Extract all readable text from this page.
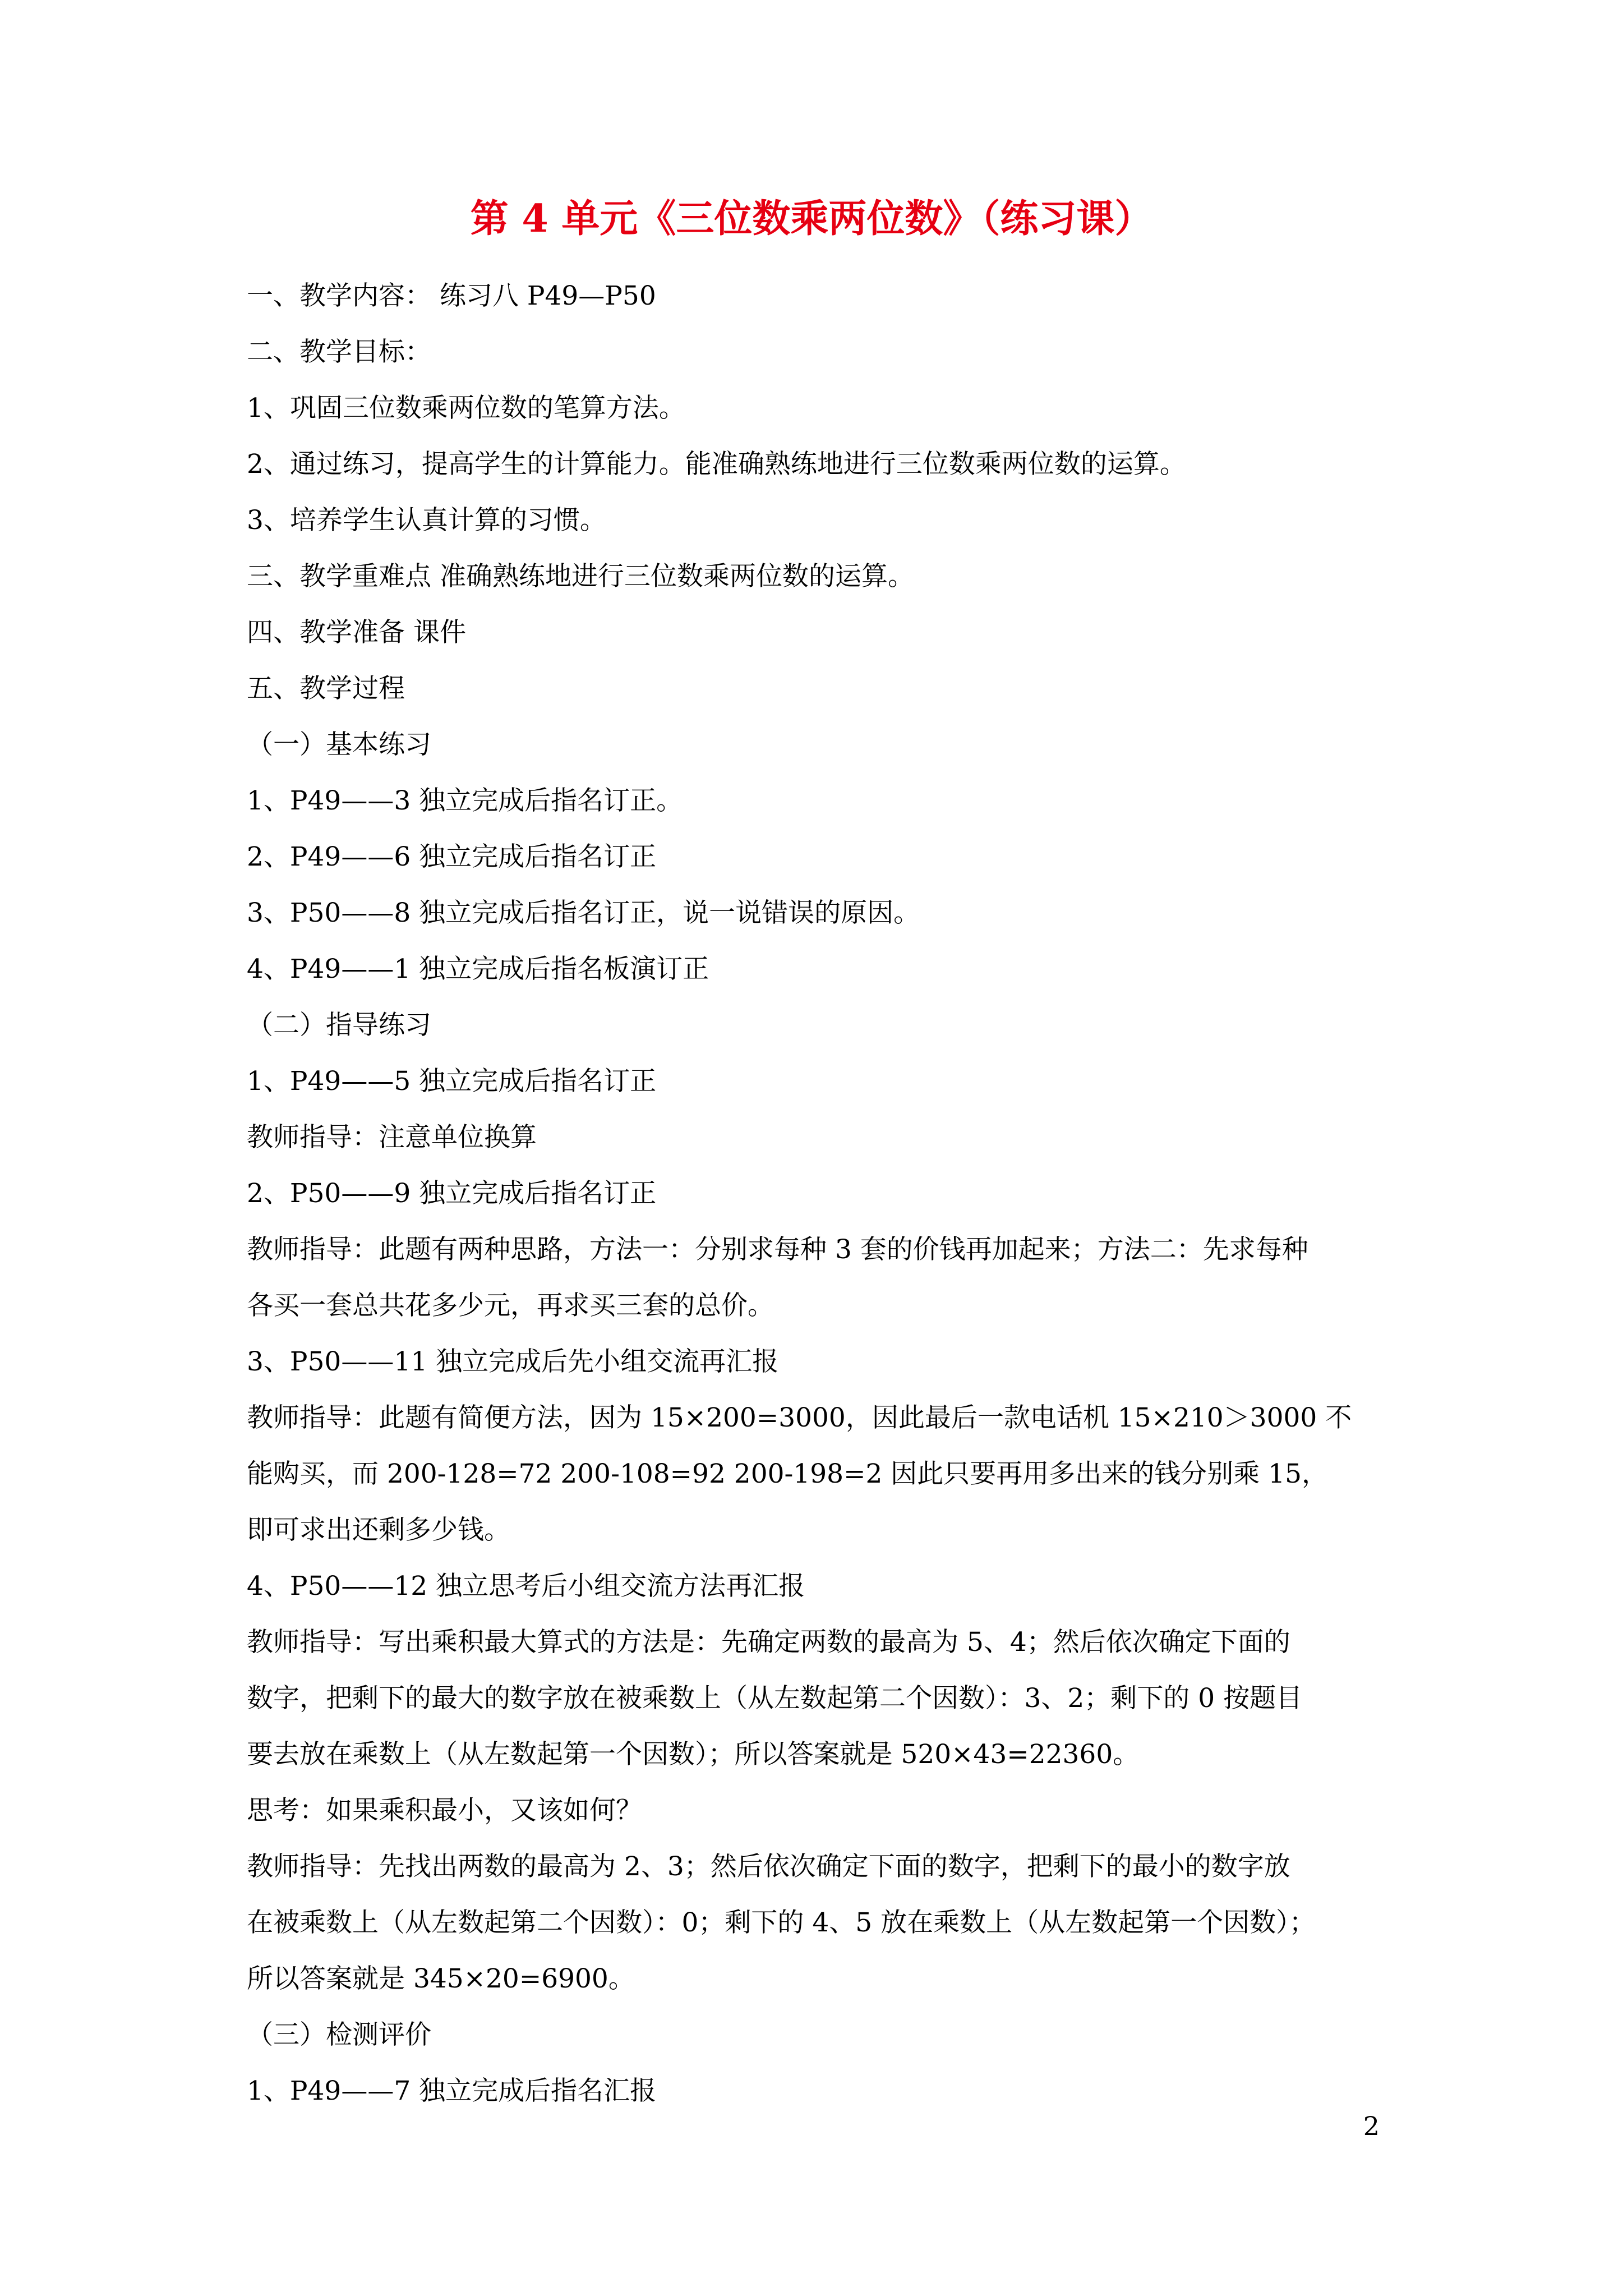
第 4 单元《三位数乘两位数》（练习课）
一、教学内容： 练习八 P49—P50
二、教学目标：
1、巩固三位数乘两位数的笔算方法。
2、通过练习，提高学生的计算能力。能准确熟练地进行三位数乘两位数的运算。
3、培养学生认真计算的习惯。
三、教学重难点 准确熟练地进行三位数乘两位数的运算。
四、教学准备 课件
五、教学过程
（一）基本练习
1、P49——3 独立完成后指名订正。
2、P49——6 独立完成后指名订正
3、P50——8 独立完成后指名订正，说一说错误的原因。
4、P49——1 独立完成后指名板演订正
（二）指导练习
1、P49——5 独立完成后指名订正
教师指导：注意单位换算
2、P50——9 独立完成后指名订正
教师指导：此题有两种思路，方法一：分别求每种 3 套的价钱再加起来；方法二：先求每种
各买一套总共花多少元，再求买三套的总价。
3、P50——11 独立完成后先小组交流再汇报
教师指导：此题有简便方法，因为 15×200=3000，因此最后一款电话机 15×210＞3000 不
能购买，而 200-128=72 200-108=92 200-198=2 因此只要再用多出来的钱分别乘 15，
即可求出还剩多少钱。
4、P50——12 独立思考后小组交流方法再汇报
教师指导：写出乘积最大算式的方法是：先确定两数的最高为 5、4；然后依次确定下面的
数字，把剩下的最大的数字放在被乘数上（从左数起第二个因数）：3、2；剩下的 0 按题目
要去放在乘数上（从左数起第一个因数）；所以答案就是 520×43=22360。
思考：如果乘积最小，又该如何？
教师指导：先找出两数的最高为 2、3；然后依次确定下面的数字，把剩下的最小的数字放
在被乘数上（从左数起第二个因数）：0；剩下的 4、5 放在乘数上（从左数起第一个因数）；
所以答案就是 345×20=6900。
（三）检测评价
1、P49——7 独立完成后指名汇报
2
